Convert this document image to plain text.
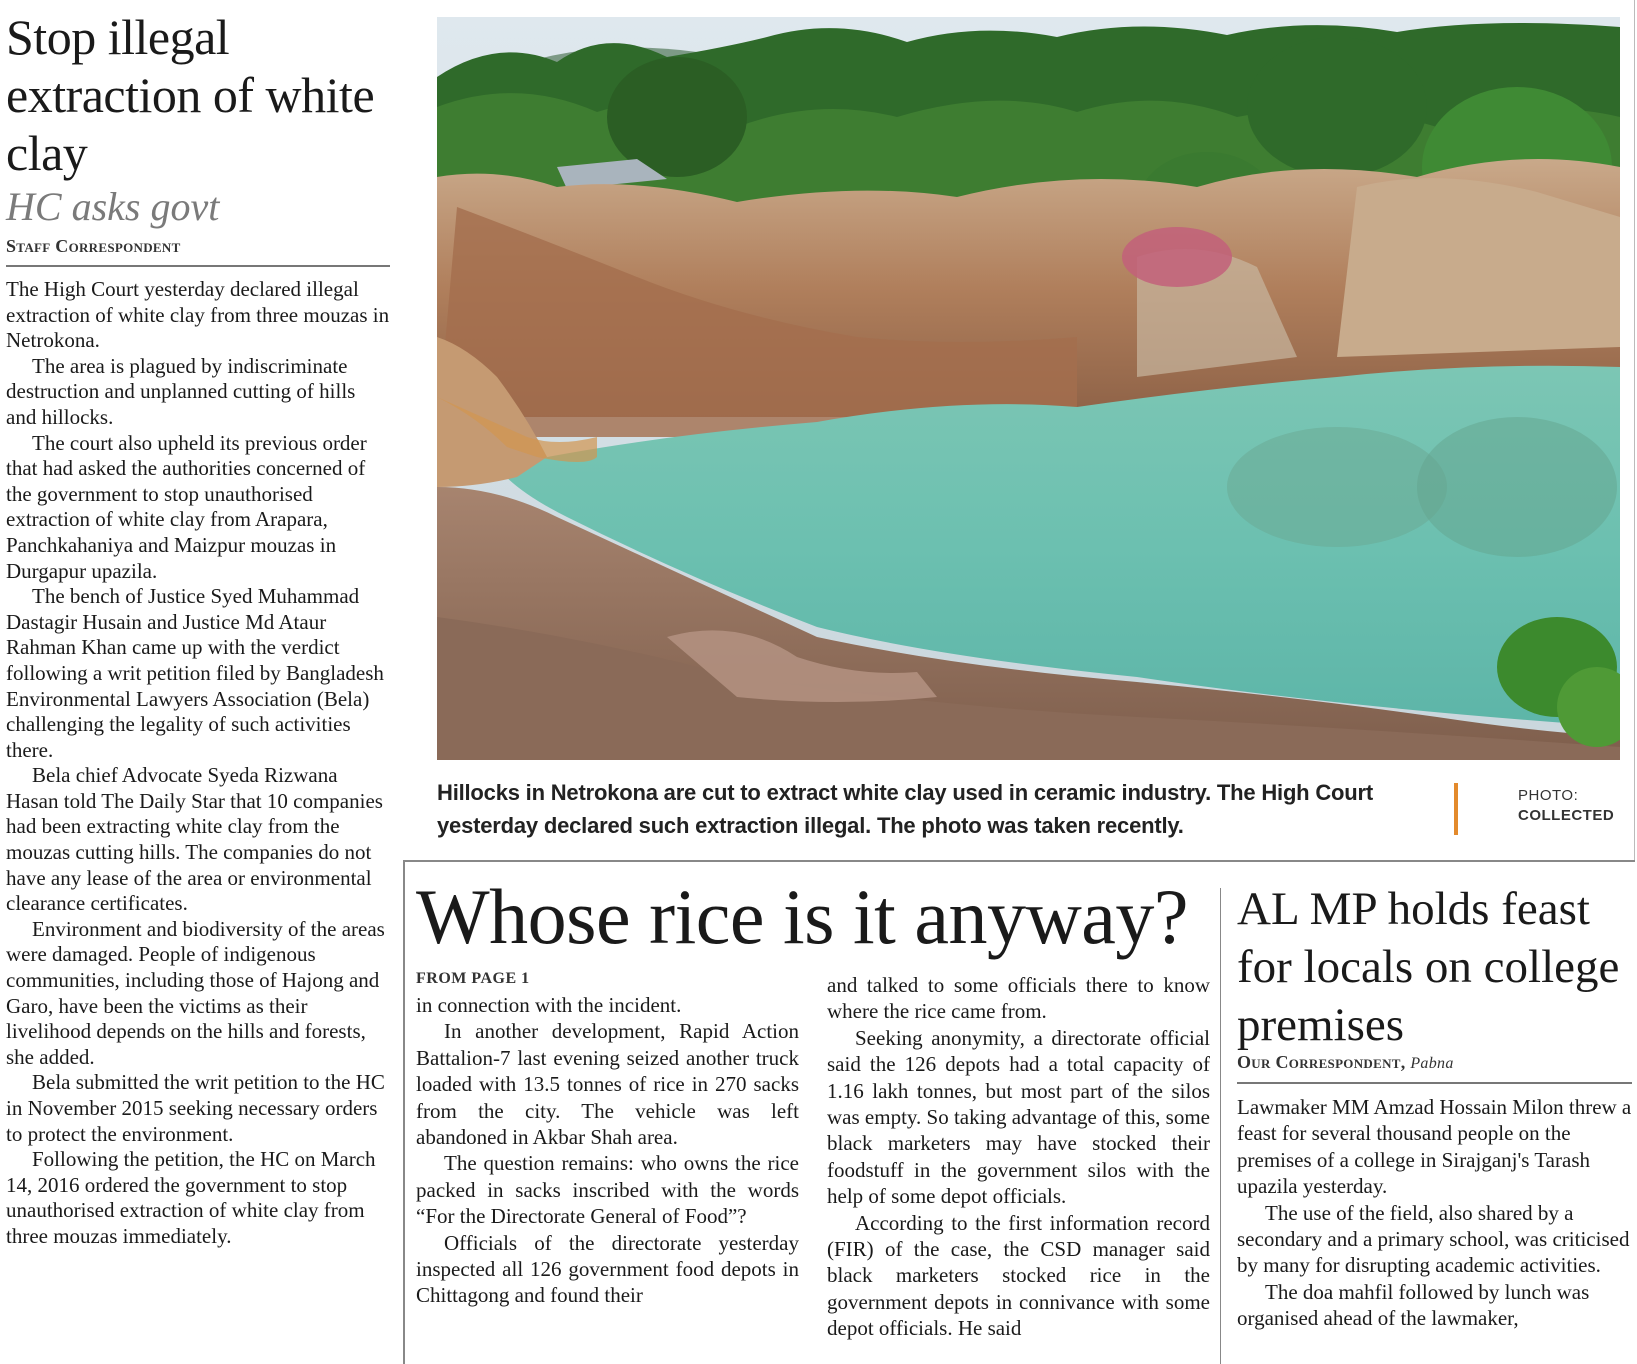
Stop illegal extraction of white clay
HC asks govt
Staff Correspondent

The High Court yesterday declared illegal extraction of white clay from three mouzas in Netrokona.

The area is plagued by indiscriminate destruction and unplanned cutting of hills and hillocks.

The court also upheld its previous order that had asked the authorities concerned of the government to stop unauthorised extraction of white clay from Arapara, Panchkahaniya and Maizpur mouzas in Durgapur upazila.

The bench of Justice Syed Muhammad Dastagir Husain and Justice Md Ataur Rahman Khan came up with the verdict following a writ petition filed by Bangladesh Environmental Lawyers Association (Bela) challenging the legality of such activities there.

Bela chief Advocate Syeda Rizwana Hasan told The Daily Star that 10 companies had been extracting white clay from the mouzas cutting hills. The companies do not have any lease of the area or environmental clearance certificates.

Environment and biodiversity of the areas were damaged. People of indigenous communities, including those of Hajong and Garo, have been the victims as their livelihood depends on the hills and forests, she added.

Bela submitted the writ petition to the HC in November 2015 seeking necessary orders to protect the environment.

Following the petition, the HC on March 14, 2016 ordered the government to stop unauthorised extraction of white clay from three mouzas immediately.

Hillocks in Netrokona are cut to extract white clay used in ceramic industry. The High Court yesterday declared such extraction illegal. The photo was taken recently.
PHOTO:
COLLECTED
Whose rice is it anyway?
FROM PAGE 1

in connection with the incident.

In another development, Rapid Action Battalion-7 last evening seized another truck loaded with 13.5 tonnes of rice in 270 sacks from the city. The vehicle was left abandoned in Akbar Shah area.

The question remains: who owns the rice packed in sacks inscribed with the words “For the Directorate General of Food”?

Officials of the directorate yesterday inspected all 126 government food depots in Chittagong and found their

and talked to some officials there to know where the rice came from.

Seeking anonymity, a directorate official said the 126 depots had a total capacity of 1.16 lakh tonnes, but most part of the silos was empty. So taking advantage of this, some black marketers may have stocked their foodstuff in the government silos with the help of some depot officials.

According to the first information record (FIR) of the case, the CSD manager said black marketers stocked rice in the government depots in connivance with some depot officials. He said

AL MP holds feast for locals on college premises
Our Correspondent, Pabna

Lawmaker MM Amzad Hossain Milon threw a feast for several thousand people on the premises of a college in Sirajganj's Tarash upazila yesterday.

The use of the field, also shared by a secondary and a primary school, was criticised by many for disrupting academic activities.

The doa mahfil followed by lunch was organised ahead of the lawmaker,
